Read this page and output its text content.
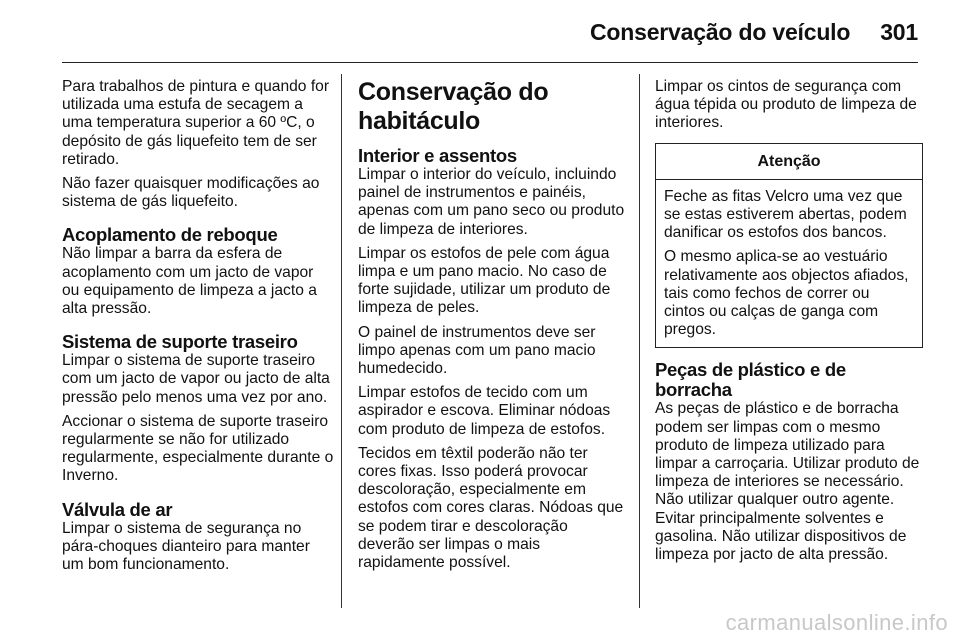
Conservação do veículo 301

Para trabalhos de pintura e quando for utilizada uma estufa de secagem a uma temperatura superior a 60 ºC, o depósito de gás liquefeito tem de ser retirado.

Não fazer quaisquer modificações ao sistema de gás liquefeito.

Acoplamento de reboque

Não limpar a barra da esfera de acoplamento com um jacto de vapor ou equipamento de limpeza a jacto a alta pressão.

Sistema de suporte traseiro

Limpar o sistema de suporte traseiro com um jacto de vapor ou jacto de alta pressão pelo menos uma vez por ano.

Accionar o sistema de suporte traseiro regularmente se não for utilizado regularmente, especialmente durante o Inverno.

Válvula de ar

Limpar o sistema de segurança no pára-choques dianteiro para manter um bom funcionamento.

Conservação do habitáculo
Interior e assentos

Limpar o interior do veículo, incluindo painel de instrumentos e painéis, apenas com um pano seco ou produto de limpeza de interiores.

Limpar os estofos de pele com água limpa e um pano macio. No caso de forte sujidade, utilizar um produto de limpeza de peles.

O painel de instrumentos deve ser limpo apenas com um pano macio humedecido.

Limpar estofos de tecido com um aspirador e escova. Eliminar nódoas com produto de limpeza de estofos.

Tecidos em têxtil poderão não ter cores fixas. Isso poderá provocar descoloração, especialmente em estofos com cores claras. Nódoas que se podem tirar e descoloração deverão ser limpas o mais rapidamente possível.

Limpar os cintos de segurança com água tépida ou produto de limpeza de interiores.

Atenção

Feche as fitas Velcro uma vez que se estas estiverem abertas, podem danificar os estofos dos bancos.

O mesmo aplica-se ao vestuário relativamente aos objectos afiados, tais como fechos de correr ou cintos ou calças de ganga com pregos.

Peças de plástico e de borracha

As peças de plástico e de borracha podem ser limpas com o mesmo produto de limpeza utilizado para limpar a carroçaria. Utilizar produto de limpeza de interiores se necessário. Não utilizar qualquer outro agente. Evitar principalmente solventes e gasolina. Não utilizar dispositivos de limpeza por jacto de alta pressão.

carmanualsonline.info
